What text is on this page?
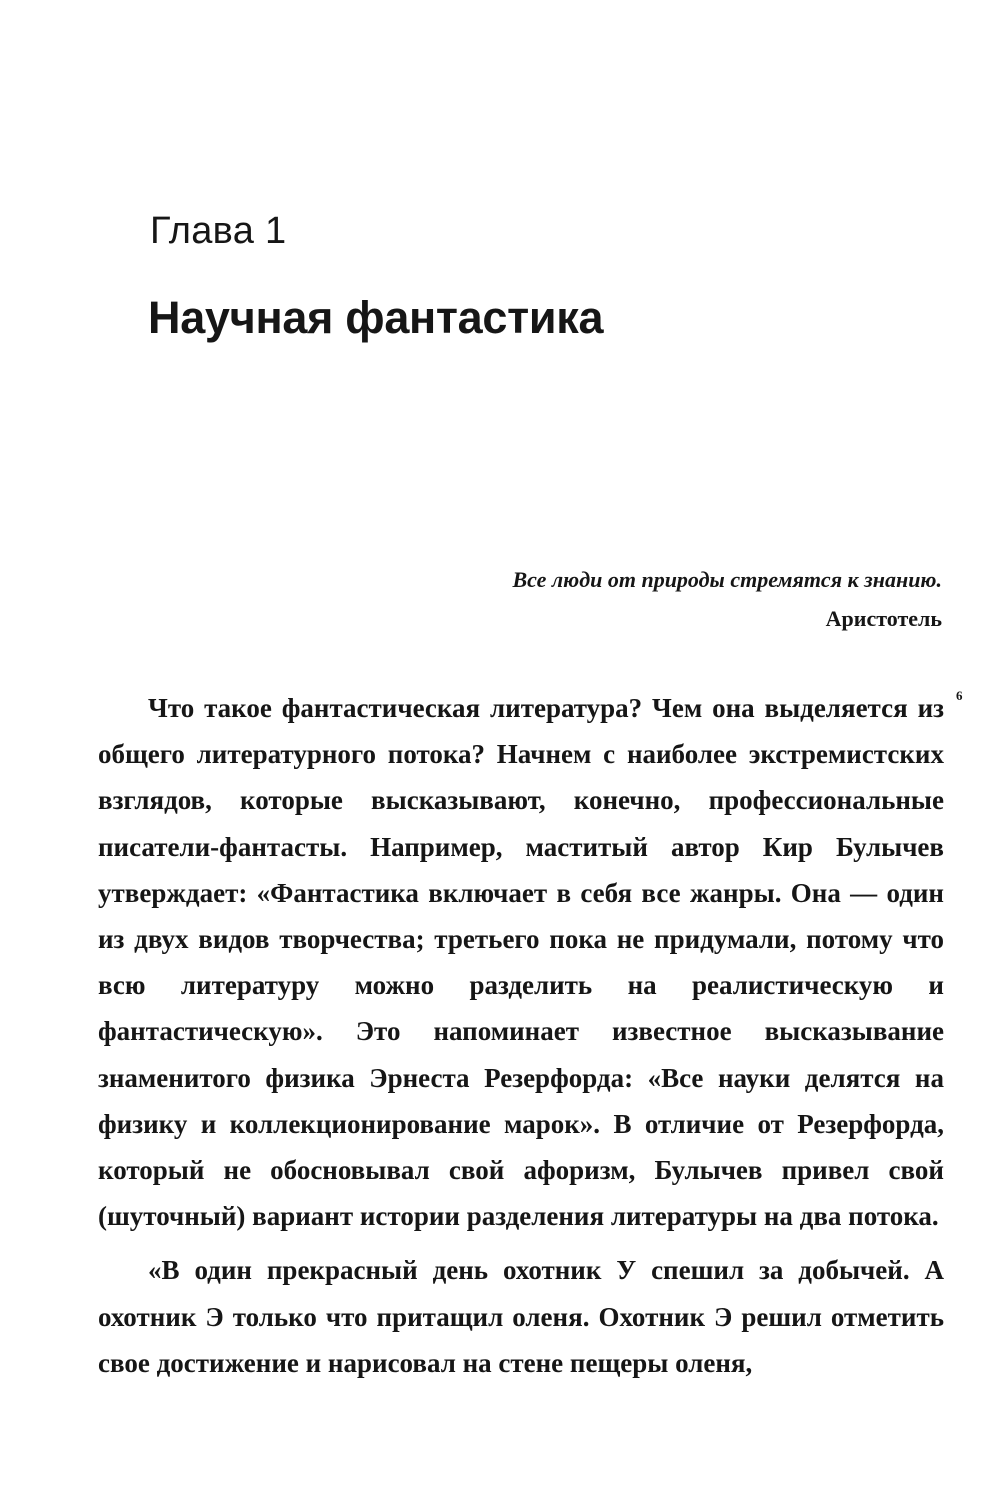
Глава 1
Научная фантастика
Все люди от природы стремятся к знанию.
Аристотель
6

Что такое фантастическая литература? Чем она выделяется из общего литературного потока? Начнем с наиболее экстремистских взглядов, которые высказывают, конечно, профессиональные писатели-фантасты. Например, маститый автор Кир Булычев утверждает: «Фантастика включает в себя все жанры. Она — один из двух видов творчества; третьего пока не придумали, потому что всю литературу можно разделить на реалистическую и фантастическую». Это напоминает известное высказывание знаменитого физика Эрнеста Резерфорда: «Все науки делятся на физику и коллекционирование марок». В отличие от Резерфорда, который не обосновывал свой афоризм, Булычев привел свой (шуточный) вариант истории разделения литературы на два потока.

«В один прекрасный день охотник У спешил за добычей. А охотник Э только что притащил оленя. Охотник Э решил отметить свое достижение и нарисовал на стене пещеры оленя,
